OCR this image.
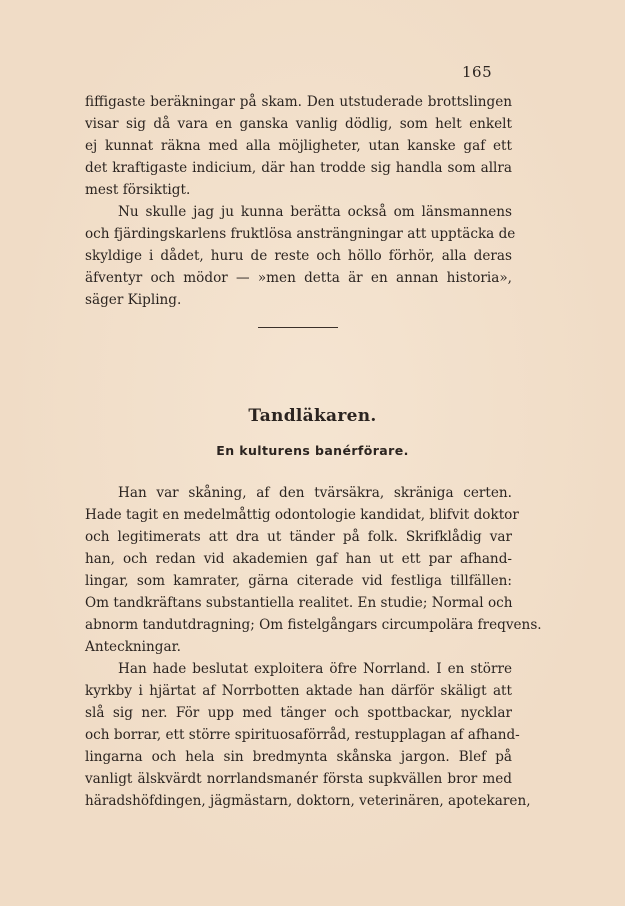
165
fiffigaste beräkningar på skam. Den utstuderade brottslingen
visar sig då vara en ganska vanlig dödlig, som helt enkelt
ej kunnat räkna med alla möjligheter, utan kanske gaf ett
det kraftigaste indicium, där han trodde sig handla som allra
mest försiktigt.
Nu skulle jag ju kunna berätta också om länsmannens
och fjärdingskarlens fruktlösa ansträngningar att upptäcka de
skyldige i dådet, huru de reste och höllo förhör, alla deras
äfventyr och mödor — »men detta är en annan historia»,
säger Kipling.
Tandläkaren.
En kulturens banérförare.
Han var skåning, af den tvärsäkra, skräniga certen.
Hade tagit en medelmåttig odontologie kandidat, blifvit doktor
och legitimerats att dra ut tänder på folk. Skrifklådig var
han, och redan vid akademien gaf han ut ett par afhand-
lingar, som kamrater, gärna citerade vid festliga tillfällen:
Om tandkräftans substantiella realitet. En studie; Normal och
abnorm tandutdragning; Om fistelgångars circumpolära freqvens.
Anteckningar.
Han hade beslutat exploitera öfre Norrland. I en större
kyrkby i hjärtat af Norrbotten aktade han därför skäligt att
slå sig ner. För upp med tänger och spottbackar, nycklar
och borrar, ett större spirituosaförråd, restupplagan af afhand-
lingarna och hela sin bredmynta skånska jargon. Blef på
vanligt älskvärdt norrlandsmanér första supkvällen bror med
häradshöfdingen, jägmästarn, doktorn, veterinären, apotekaren,
